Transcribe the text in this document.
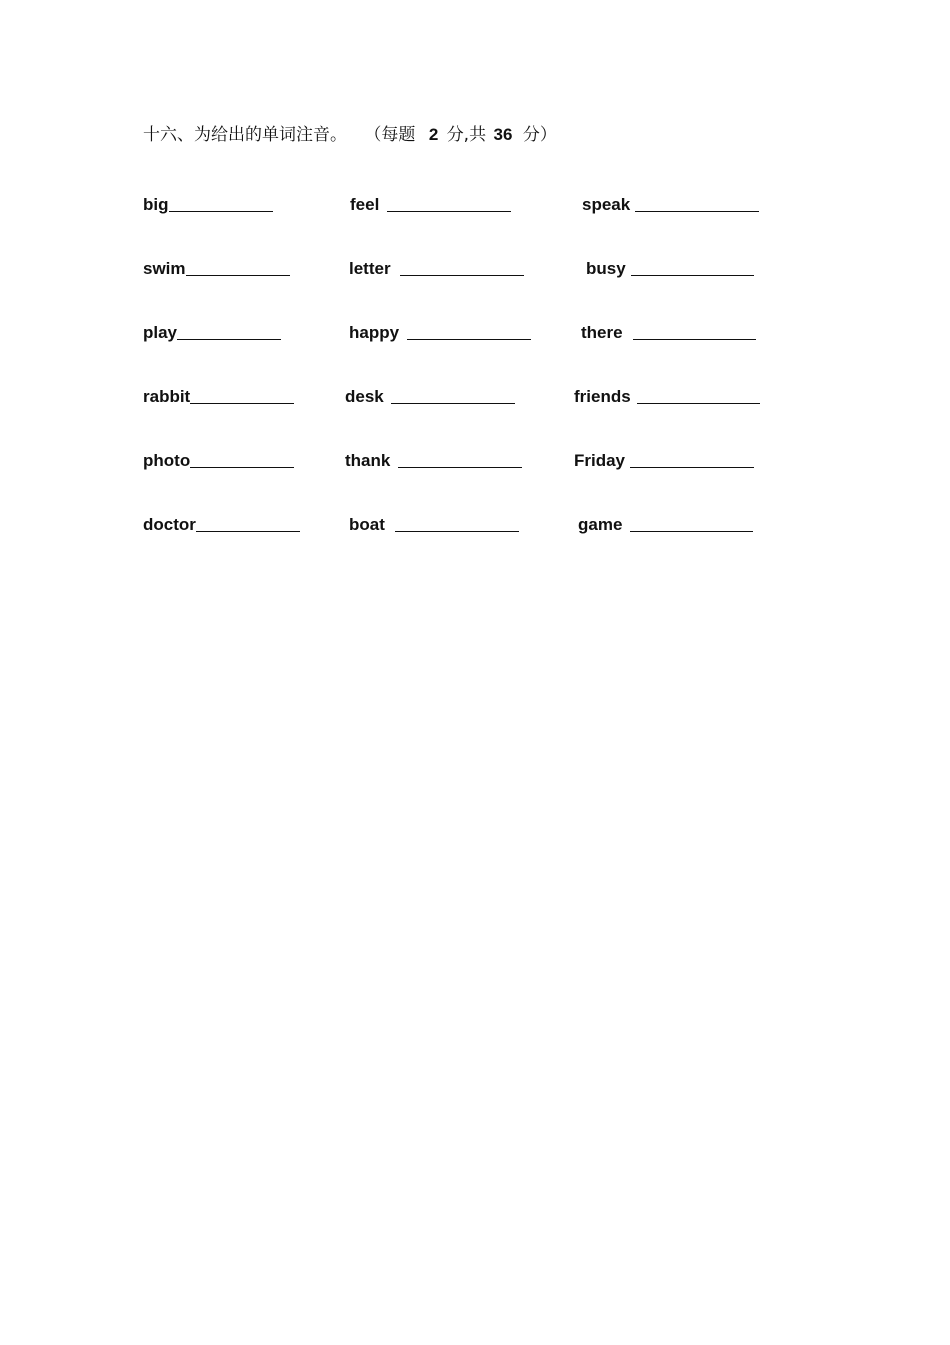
十六、为给出的单词注音。 （每题 2 分,共 36 分）
big	feel	speak
swim	letter	busy
play	happy	there
rabbit	desk	friends
photo	thank	Friday
doctor	boat	game
